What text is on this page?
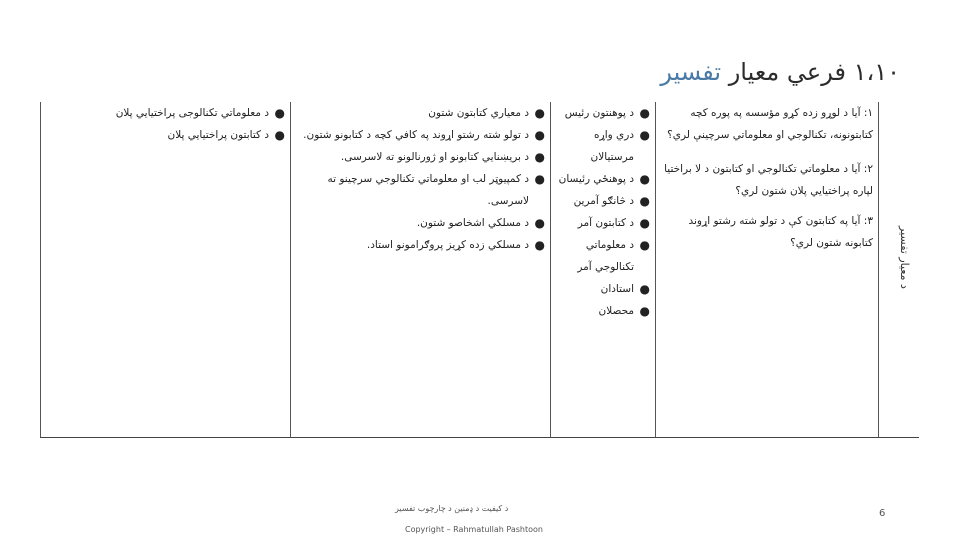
۱،۱۰ فرعي معيار تفسیر
د معيار تفسير
۱: آيا د لوړو زده کړو مؤسسه په پوره کچه کتابتونونه، تکنالوجي او معلوماتي سرچينې لري؟
۲: آيا د معلوماتي تکنالوجي او کتابتون د لا براختيا لپاره پراختيايي پلان شتون لري؟
۳: آيا په کتابتون کې د تولو شته رشتو اړوند کتابونه شتون لري؟
●
د پوهنتون رئيس
●
دري واړه مرستيالان
●
د پوهنځي رئيسان
●
د څانګو آمرين
●
د کتابتون آمر
●
د معلوماتي تکنالوجي آمر
●
استادان
●
محصلان
●
د معياري کتابتون شتون
●
د تولو شته رشتو اړوند په کافي کچه د کتابونو شتون.
●
د بريښنايي کتابونو او ژورنالونو ته لاسرسی.
●
د کمپيوټر لب او معلوماتي تکنالوجي سرچينو ته لاسرسی.
●
د مسلکي اشخاصو شتون.
●
د مسلکي زده کړيز پروګرامونو استاد.
●
د معلوماتي تکنالوجی پراختيايي پلان
●
د کتابتون پراختيايي پلان
د کیفیت د ډمنین د چارچوب تفسیر
Copyright – Rahmatullah Pashtoon
6
